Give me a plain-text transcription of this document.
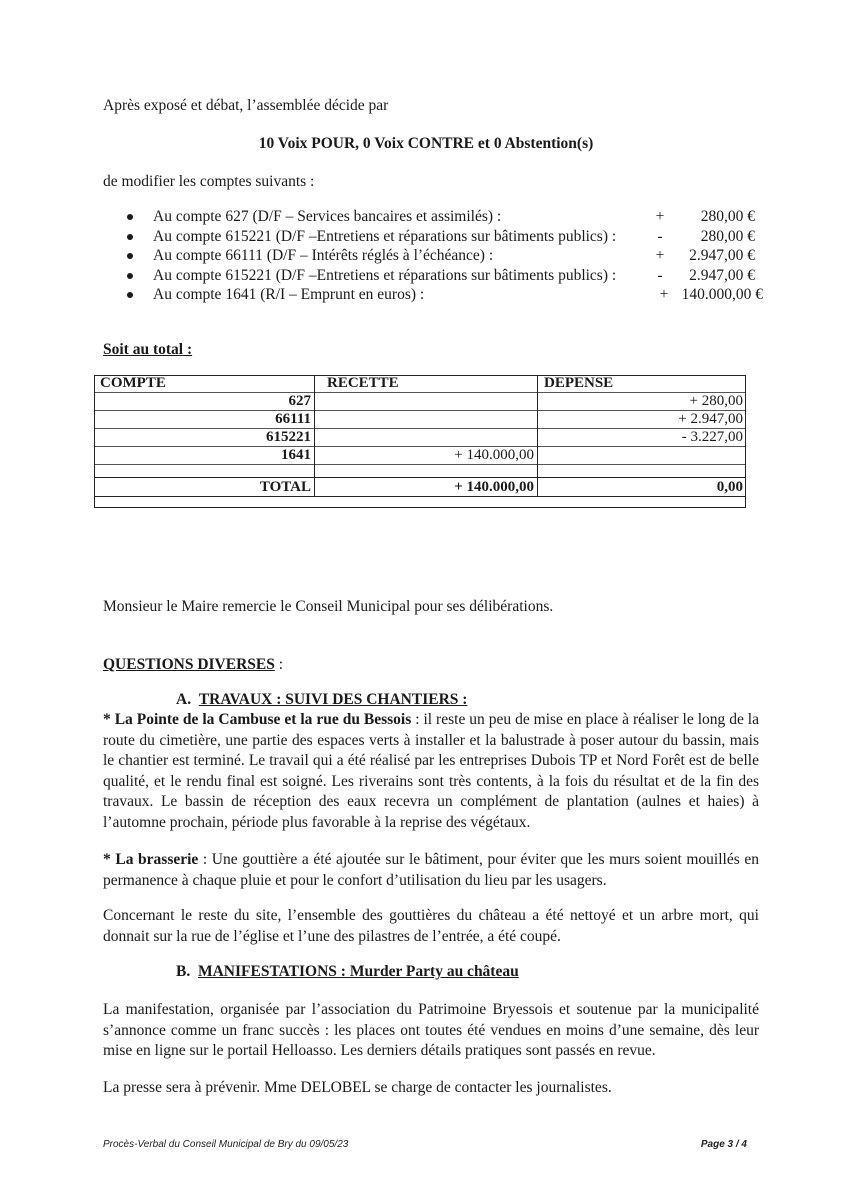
Après exposé et débat, l’assemblée décide par
10 Voix POUR, 0 Voix CONTRE et 0 Abstention(s)
de modifier les comptes suivants :
Au compte 627 (D/F – Services bancaires et assimilés) :	+	280,00 €
Au compte 615221 (D/F –Entretiens et réparations sur bâtiments publics) :	-	280,00 €
Au compte 66111 (D/F – Intérêts réglés à l’échéance) :	+	2.947,00 €
Au compte 615221 (D/F –Entretiens et réparations sur bâtiments publics) :	-	2.947,00 €
Au compte 1641 (R/I – Emprunt en euros) :	+ 140.000,00 €
Soit au total :
COMPTE	RECETTE	DEPENSE
627		+ 280,00
66111		+ 2.947,00
615221		- 3.227,00
1641	+ 140.000,00	

TOTAL	+ 140.000,00	0,00
Monsieur le Maire remercie le Conseil Municipal pour ses délibérations.
QUESTIONS DIVERSES :
A. TRAVAUX : SUIVI DES CHANTIERS :
* La Pointe de la Cambuse et la rue du Bessois : il reste un peu de mise en place à réaliser le long de la route du cimetière, une partie des espaces verts à installer et la balustrade à poser autour du bassin, mais le chantier est terminé. Le travail qui a été réalisé par les entreprises Dubois TP et Nord Forêt est de belle qualité, et le rendu final est soigné. Les riverains sont très contents, à la fois du résultat et de la fin des travaux. Le bassin de réception des eaux recevra un complément de plantation (aulnes et haies) à l’automne prochain, période plus favorable à la reprise des végétaux.
* La brasserie : Une gouttière a été ajoutée sur le bâtiment, pour éviter que les murs soient mouillés en permanence à chaque pluie et pour le confort d’utilisation du lieu par les usagers.
Concernant le reste du site, l’ensemble des gouttières du château a été nettoyé et un arbre mort, qui donnait sur la rue de l’église et l’une des pilastres de l’entrée, a été coupé.
B. MANIFESTATIONS : Murder Party au château
La manifestation, organisée par l’association du Patrimoine Bryessois et soutenue par la municipalité s’annonce comme un franc succès : les places ont toutes été vendues en moins d’une semaine, dès leur mise en ligne sur le portail Helloasso. Les derniers détails pratiques sont passés en revue.
La presse sera à prévenir. Mme DELOBEL se charge de contacter les journalistes.
Procès-Verbal du Conseil Municipal de Bry du 09/05/23	Page 3 / 4
